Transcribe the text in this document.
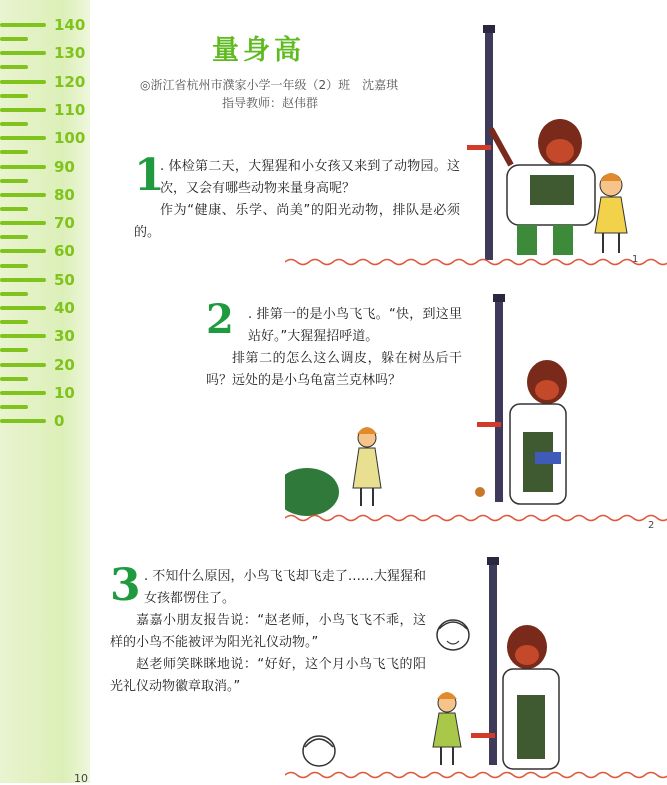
140
130
120
110
100
90
80
70
60
50
40
30
20
10
0
量身高
◎浙江省杭州市濮家小学一年级（2）班　沈嘉琪
指导教师：赵伟群
1
. 体检第二天，大猩猩和小女孩又来到了动物园。这次，又会有哪些动物来量身高呢？
作为“健康、乐学、尚美”的阳光动物，排队是必须的。
1
2 . 排第一的是小鸟飞飞。“快，到这里站好。”大猩猩招呼道。
排第二的怎么这么调皮，躲在树丛后干吗？远处的是小乌龟富兰克林吗？
2
3 . 不知什么原因，小鸟飞飞却飞走了……大猩猩和女孩都愣住了。
嘉嘉小朋友报告说：“赵老师，小鸟飞飞不乖，这样的小鸟不能被评为阳光礼仪动物。”
赵老师笑眯眯地说：“好好，这个月小鸟飞飞的阳光礼仪动物徽章取消。”
10
